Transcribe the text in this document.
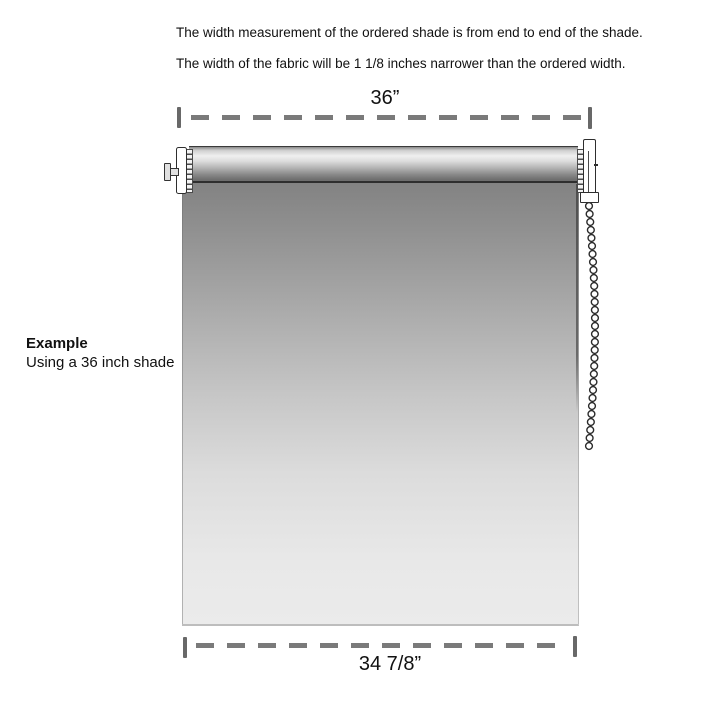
The width measurement of the ordered shade is from end to end of the shade.
The width of the fabric will be 1 1/8 inches narrower than the ordered width.
36”
Example
Using a 36 inch shade
34 7/8”
